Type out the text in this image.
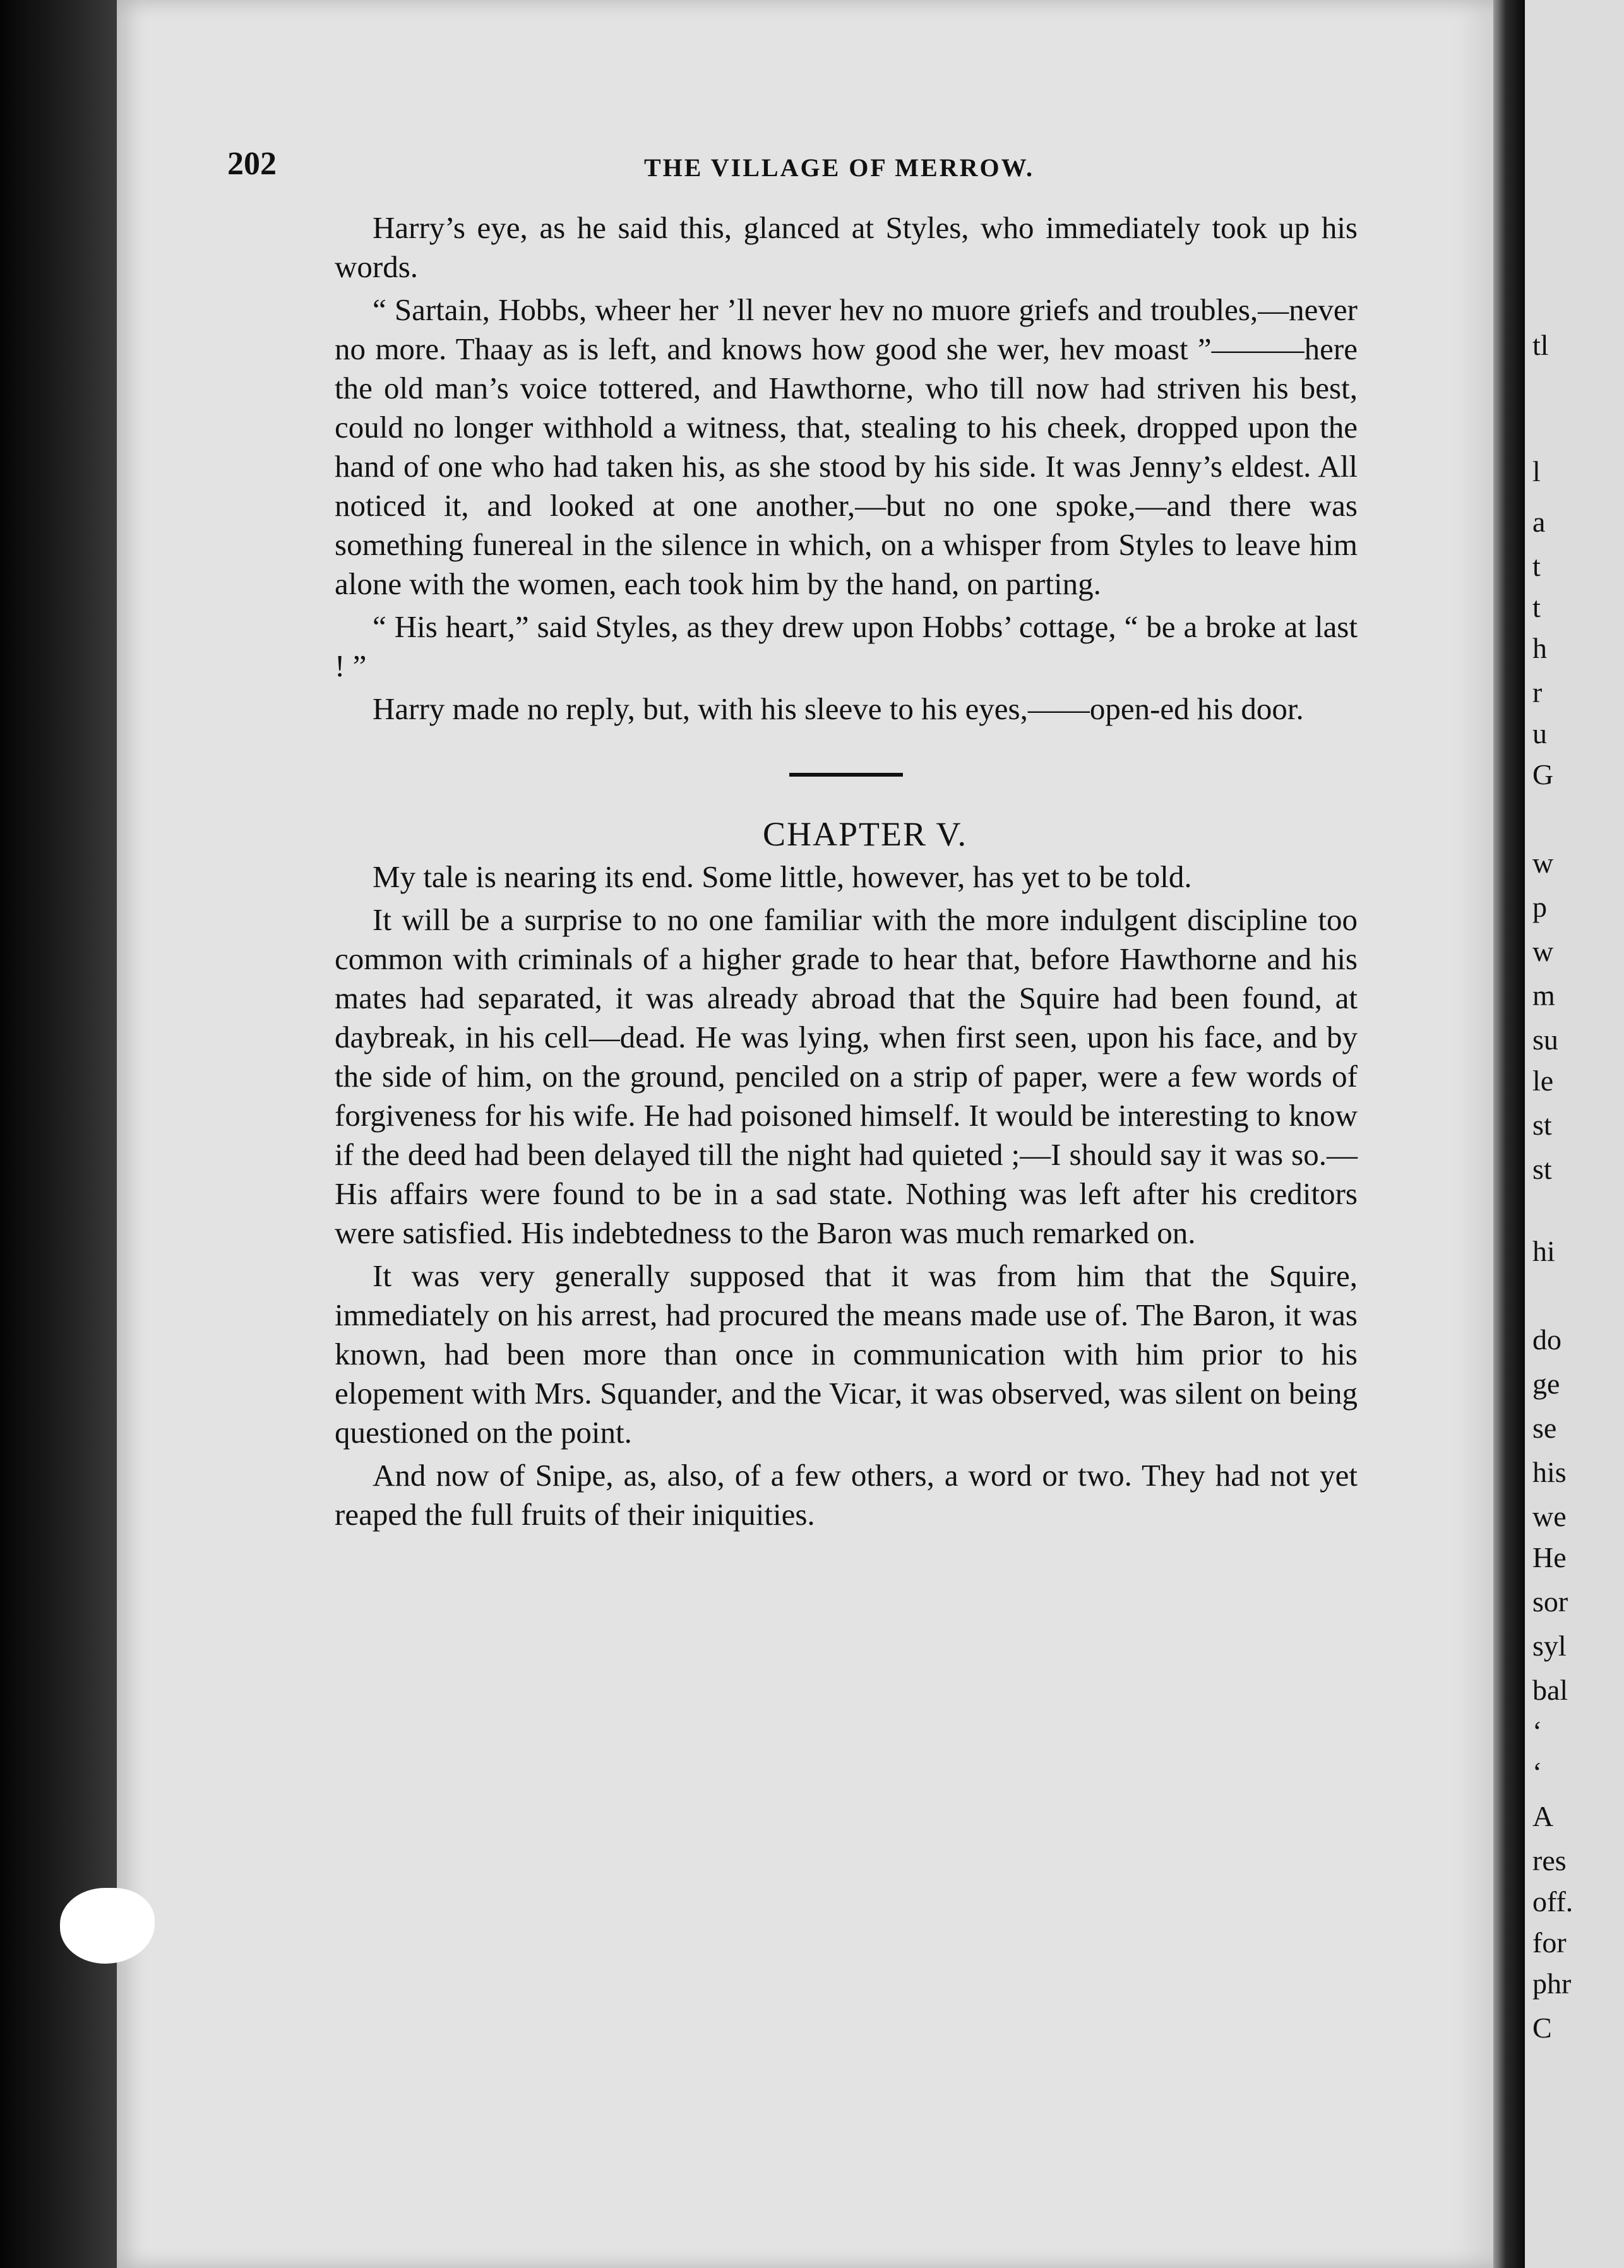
202	THE VILLAGE OF MERROW.

Harry’s eye, as he said this, glanced at Styles, who immediately took up his words.

“ Sartain, Hobbs, wheer her ’ll never hev no muore griefs and troubles,—never no more. Thaay as is left, and knows how good she wer, hev moast ”———here the old man’s voice tottered, and Hawthorne, who till now had striven his best, could no longer withhold a witness, that, stealing to his cheek, dropped upon the hand of one who had taken his, as she stood by his side. It was Jenny’s eldest. All noticed it, and looked at one another,—but no one spoke,—and there was something funereal in the silence in which, on a whisper from Styles to leave him alone with the women, each took him by the hand, on parting.

“ His heart,” said Styles, as they drew upon Hobbs’ cottage, “ be a broke at last ! ”

Harry made no reply, but, with his sleeve to his eyes,——open-ed his door.

CHAPTER V.

My tale is nearing its end. Some little, however, has yet to be told.

It will be a surprise to no one familiar with the more indulgent discipline too common with criminals of a higher grade to hear that, before Hawthorne and his mates had separated, it was already abroad that the Squire had been found, at daybreak, in his cell—dead. He was lying, when first seen, upon his face, and by the side of him, on the ground, penciled on a strip of paper, were a few words of forgiveness for his wife. He had poisoned himself. It would be interesting to know if the deed had been delayed till the night had quieted ;—I should say it was so.—His affairs were found to be in a sad state. Nothing was left after his creditors were satisfied. His indebtedness to the Baron was much remarked on.

It was very generally supposed that it was from him that the Squire, immediately on his arrest, had procured the means made use of. The Baron, it was known, had been more than once in communication with him prior to his elopement with Mrs. Squander, and the Vicar, it was observed, was silent on being questioned on the point.

And now of Snipe, as, also, of a few others, a word or two. They had not yet reaped the full fruits of their iniquities.

tl
l
a
t
t
h
r
u
G
w
p
w
m
su
le
st
st
hi
do
ge
se
his
we
He
sor
syl
bal
‘
‘
A
res
off.
for
phr
C
